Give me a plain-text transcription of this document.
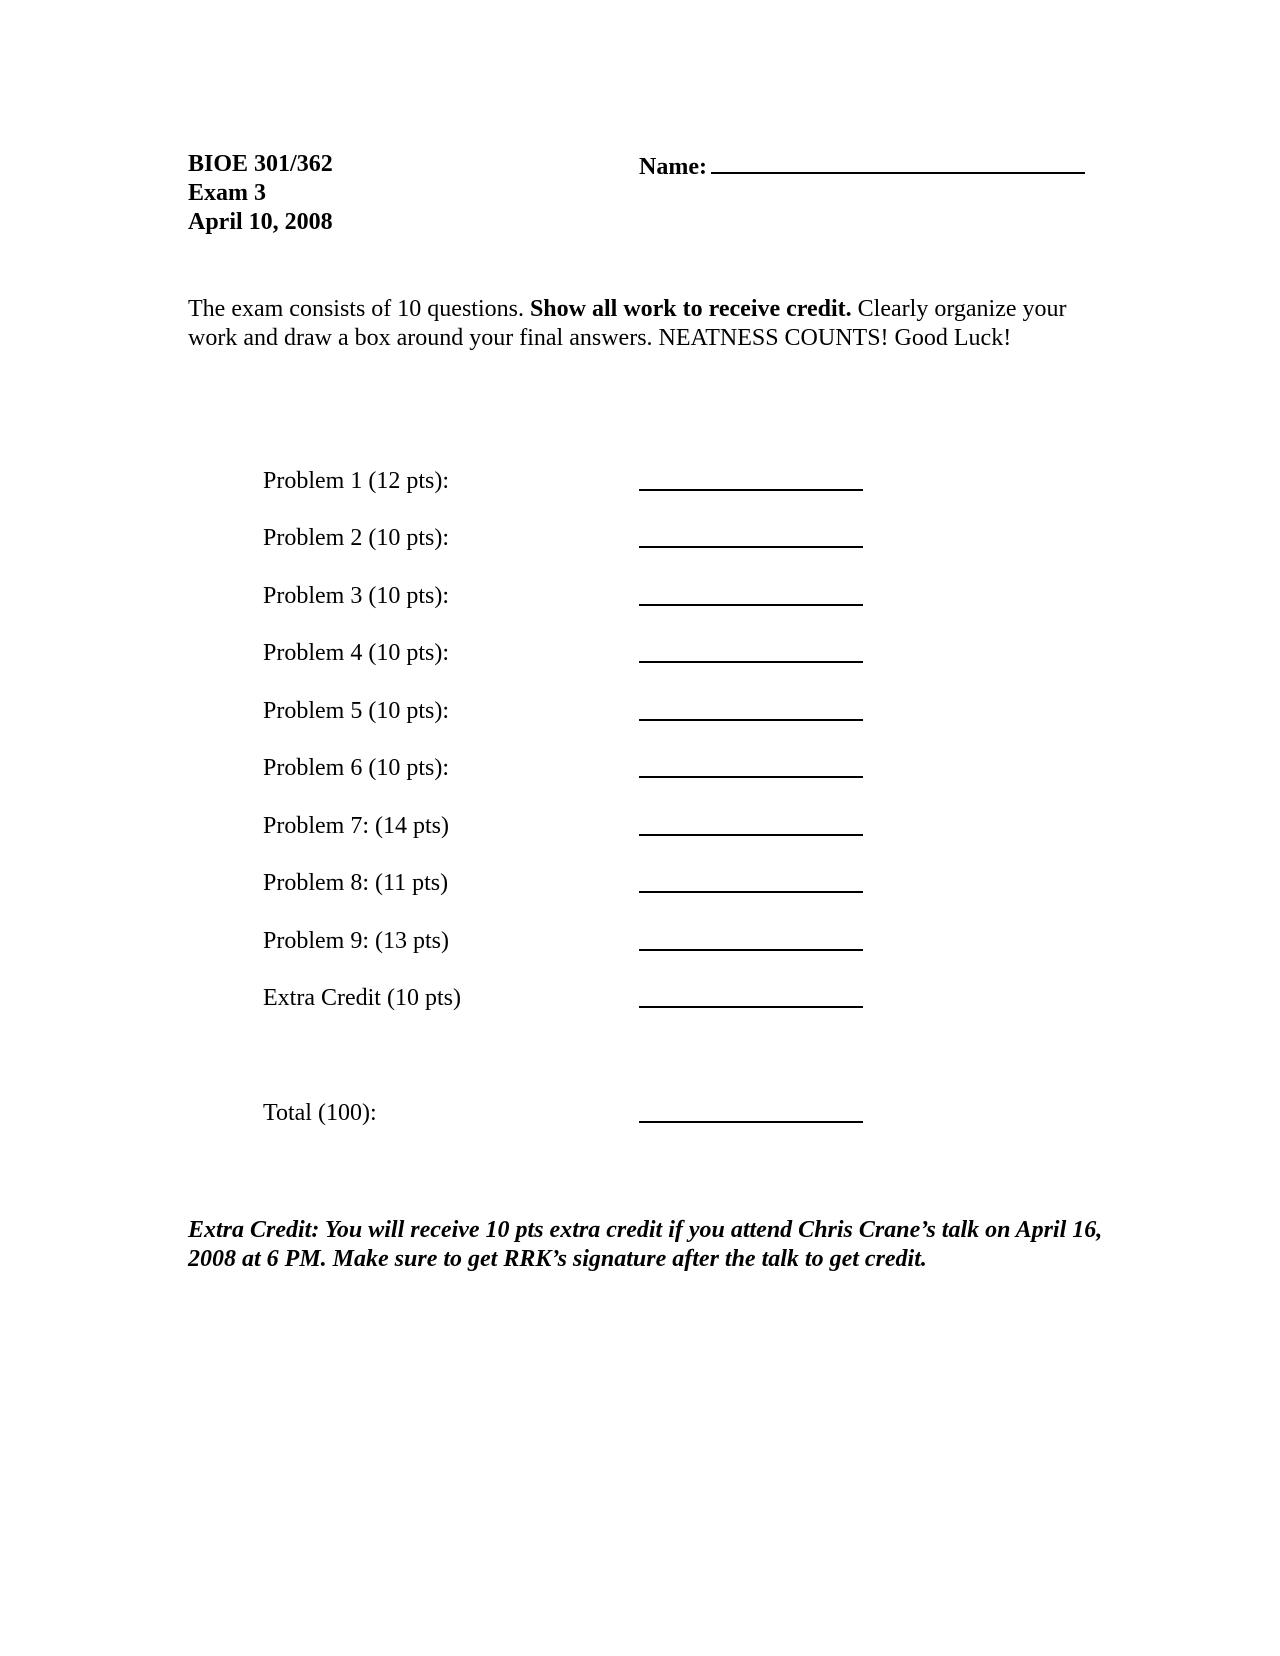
BIOE 301/362
Exam 3
April 10, 2008
Name:
The exam consists of 10 questions. Show all work to receive credit. Clearly organize your work and draw a box around your final answers. NEATNESS COUNTS! Good Luck!
Problem 1 (12 pts):
Problem 2 (10 pts):
Problem 3 (10 pts):
Problem 4 (10 pts):
Problem 5 (10 pts):
Problem 6 (10 pts):
Problem 7: (14 pts)
Problem 8: (11 pts)
Problem 9: (13 pts)
Extra Credit (10 pts)
Total (100):
Extra Credit: You will receive 10 pts extra credit if you attend Chris Crane’s talk on April 16, 2008 at 6 PM. Make sure to get RRK’s signature after the talk to get credit.
